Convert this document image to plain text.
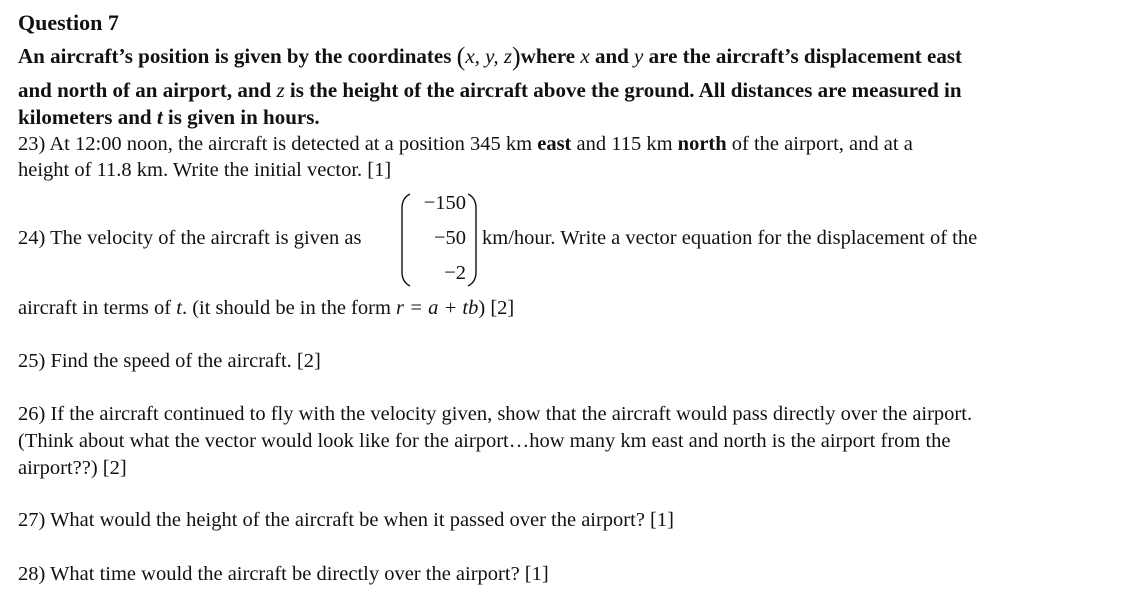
Question 7
An aircraft’s position is given by the coordinates (x, y, z)where x and y are the aircraft’s displacement east
and north of an airport, and z is the height of the aircraft above the ground. All distances are measured in
kilometers and t is given in hours.
23) At 12:00 noon, the aircraft is detected at a position 345 km east and 115 km north of the airport, and at a
height of 11.8 km. Write the initial vector. [1]
24) The velocity of the aircraft is given as
−150
−50
−2
km/hour. Write a vector equation for the displacement of the
aircraft in terms of t. (it should be in the form r = a + tb) [2]
25) Find the speed of the aircraft. [2]
26) If the aircraft continued to fly with the velocity given, show that the aircraft would pass directly over the airport.
(Think about what the vector would look like for the airport…how many km east and north is the airport from the
airport??) [2]
27) What would the height of the aircraft be when it passed over the airport? [1]
28) What time would the aircraft be directly over the airport? [1]
